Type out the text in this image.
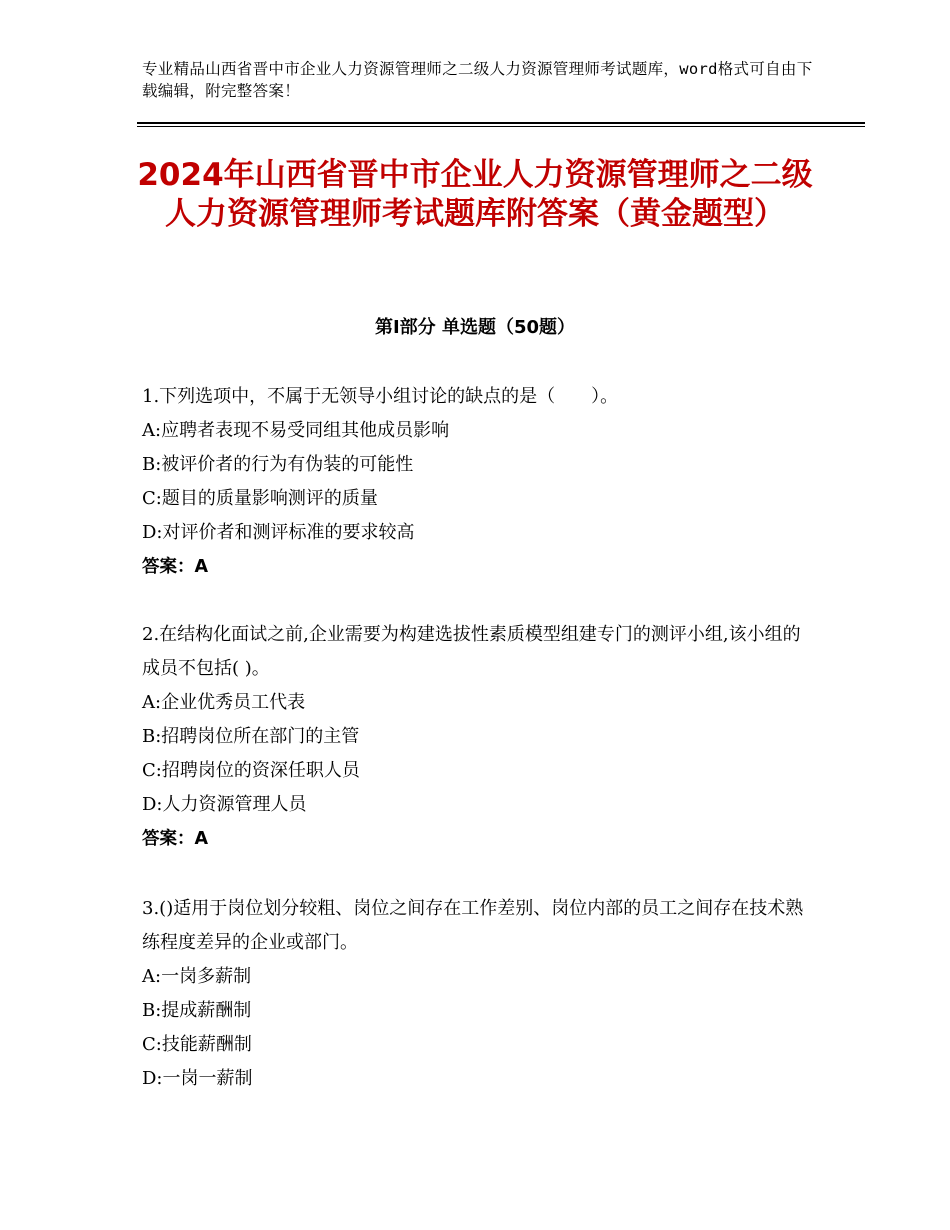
专业精品山西省晋中市企业人力资源管理师之二级人力资源管理师考试题库，word格式可自由下载编辑，附完整答案！
2024年山西省晋中市企业人力资源管理师之二级人力资源管理师考试题库附答案（黄金题型）
第Ⅰ部分 单选题（50题）
1.下列选项中，不属于无领导小组讨论的缺点的是（　　）。
A:应聘者表现不易受同组其他成员影响
B:被评价者的行为有伪装的可能性
C:题目的质量影响测评的质量
D:对评价者和测评标准的要求较高
答案：A
2.在结构化面试之前,企业需要为构建选拔性素质模型组建专门的测评小组,该小组的成员不包括( )。
A:企业优秀员工代表
B:招聘岗位所在部门的主管
C:招聘岗位的资深任职人员
D:人力资源管理人员
答案：A
3.()适用于岗位划分较粗、岗位之间存在工作差别、岗位内部的员工之间存在技术熟练程度差异的企业或部门。
A:一岗多薪制
B:提成薪酬制
C:技能薪酬制
D:一岗一薪制
